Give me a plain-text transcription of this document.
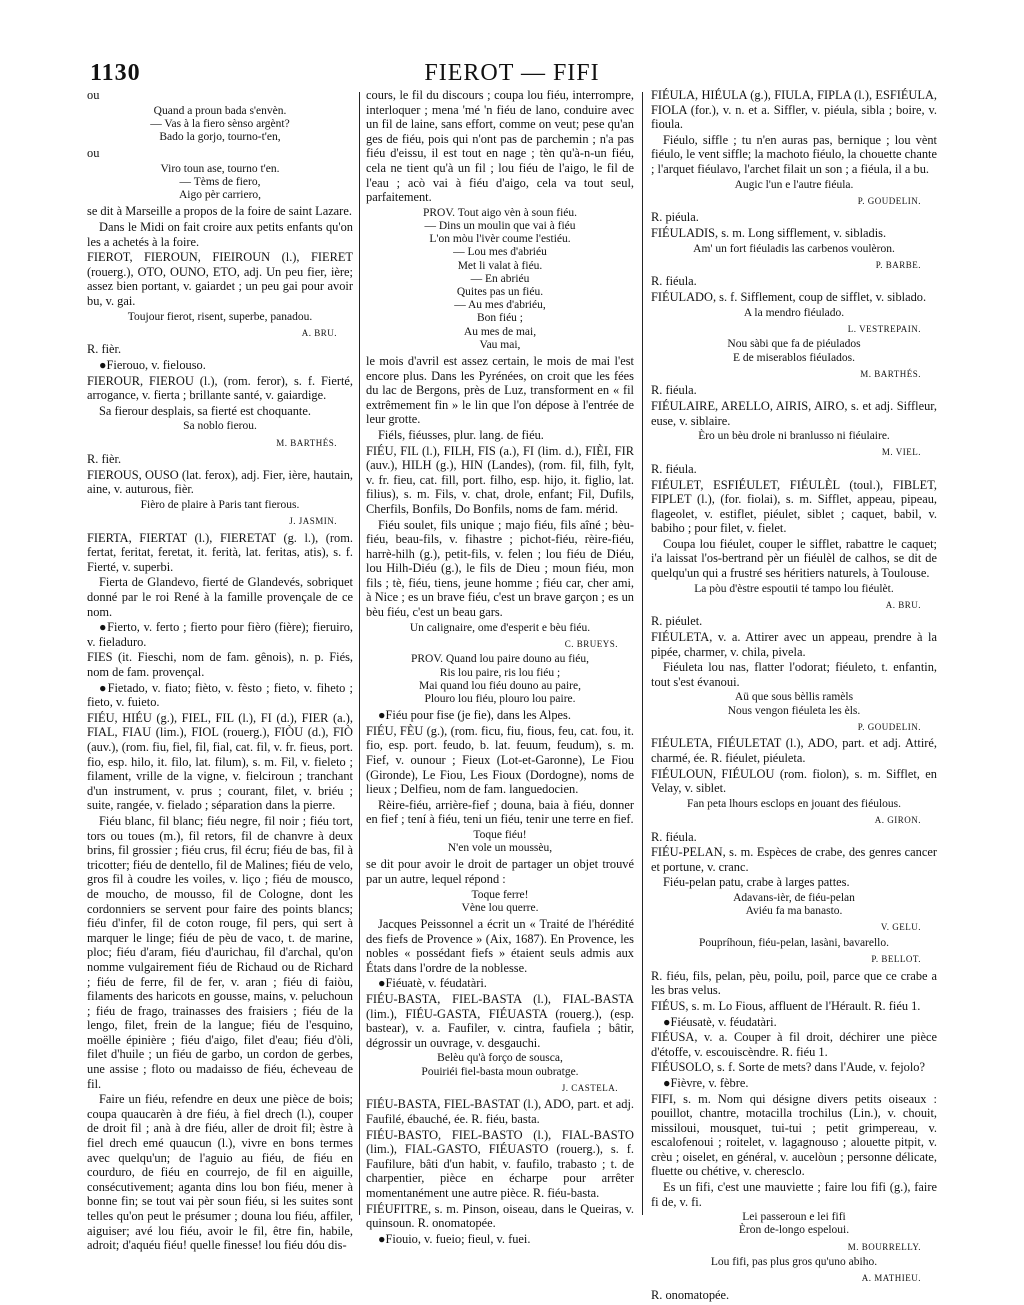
1130	FIEROT — FIFI
ou
Quand a proun bada s'envèn.
— Vas à la fiero sènso argènt?
Bado la gorjo, tourno-t'en,
ou
Viro toun ase, tourno t'en.
— Tèms de fiero,
Aigo pèr carriero,
se dit à Marseille a propos de la foire de saint Lazare.
Dans le Midi on fait croire aux petits enfants qu'on les a achetés à la foire.
FIEROT, FIEROUN, FIEIROUN (l.), FIERET (rouerg.), OTO, OUNO, ETO, adj. Un peu fier, ière; assez bien portant, v. gaiardet ; un peu gai pour avoir bu, v. gai.
Toujour fierot, risent, superbe, panadou.
A. BRU.
R. fièr.
●Fierouo, v. fielouso.
FIEROUR, FIEROU (l.), (rom. feror), s. f. Fierté, arrogance, v. fierta ; brillante santé, v. gaiardige.
Sa fierour desplais, sa fierté est choquante.
Sa noblo fierou.
M. BARTHÉS.
R. fièr.
FIEROUS, OUSO (lat. ferox), adj. Fier, ière, hautain, aine, v. auturous, fièr.
Fièro de plaire à Paris tant fierous.
J. JASMIN.
FIERTA, FIERTAT (l.), FIERETAT (g. l.), (rom. fertat, feritat, feretat, it. ferità, lat. feritas, atis), s. f. Fierté, v. superbi.
Fierta de Glandevo, fierté de Glandevés, sobriquet donné par le roi René à la famille provençale de ce nom.
●Fierto, v. ferto ; fierto pour fièro (fière); fieruiro, v. fieladuro.
FIES (it. Fieschi, nom de fam. gênois), n. p. Fiés, nom de fam. provençal.
●Fietado, v. fiato; fièto, v. fèsto ; fieto, v. fiheto ; fieto, v. fuieto.
FIÉU, HIÉU (g.), FIEL, FIL (l.), FI (d.), FIER (a.), FIAL, FIAU (lim.), FIOL (rouerg.), FIÒU (d.), FIÒ (auv.), (rom. fiu, fiel, fil, fial, cat. fil, v. fr. fieus, port. fio, esp. hilo, it. filo, lat. filum), s. m. Fil, v. fieleto ; filament, vrille de la vigne, v. fielciroun ; tranchant d'un instrument, v. prus ; courant, filet, v. briéu ; suite, rangée, v. fielado ; séparation dans la pierre.
Fiéu blanc, fil blanc; fiéu negre, fil noir ; fiéu tort, tors ou toues (m.), fil retors, fil de chanvre à deux brins, fil grossier ; fiéu crus, fil écru; fiéu de bas, fil à tricotter; fiéu de dentello, fil de Malines; fiéu de velo, gros fil à coudre les voiles, v. liço ; fiéu de mousco, de moucho, de mousso, fil de Cologne, dont les cordonniers se servent pour faire des points blancs; fiéu d'infer, fil de coton rouge, fil pers, qui sert à marquer le linge; fiéu de pèu de vaco, t. de marine, ploc; fiéu d'aram, fiéu d'aurichau, fil d'archal, qu'on nomme vulgairement fiéu de Richaud ou de Richard ; fiéu de ferre, fil de fer, v. aran ; fiéu di faiòu, filaments des haricots en gousse, mains, v. peluchoun ; fiéu de frago, trainasses des fraisiers ; fiéu de la lengo, filet, frein de la langue; fiéu de l'esquino, moëlle épinière ; fiéu d'aigo, filet d'eau; fiéu d'òli, filet d'huile ; un fiéu de garbo, un cordon de gerbes, une assise ; floto ou madaisso de fiéu, écheveau de fil.
Faire un fiéu, refendre en deux une pièce de bois; coupa quaucarèn à dre fiéu, à fiel drech (l.), couper de droit fil ; anà à dre fiéu, aller de droit fil; èstre à fiel drech emé quaucun (l.), vivre en bons termes avec quelqu'un; de l'aguio au fiéu, de fiéu en courduro, de fiéu en courrejo, de fil en aiguille, consécutivement; aganta dins lou bon fiéu, mener à bonne fin; se tout vai pèr soun fiéu, si les suites sont telles qu'on peut le présumer ; douna lou fiéu, affiler, aiguiser; avé lou fiéu, avoir le fil, être fin, habile, adroit; d'aquéu fiéu! quelle finesse! lou fiéu dóu dis-
cours, le fil du discours ; coupa lou fiéu, interrompre, interloquer ; mena 'mé 'n fiéu de lano, conduire avec un fil de laine, sans effort, comme on veut; pese qu'an ges de fiéu, pois qui n'ont pas de parchemin ; n'a pas fiéu d'eissu, il est tout en nage ; tèn qu'à-n-un fiéu, cela ne tient qu'à un fil ; lou fiéu de l'aigo, le fil de l'eau ; acò vai à fiéu d'aigo, cela va tout seul, parfaitement.
PROV. Tout aigo vèn à soun fiéu.
— Dins un moulin que vai à fiéu
L'on mòu l'ivèr coume l'estiéu.
— Lou mes d'abriéu
Met li valat à fiéu.
— En abriéu
Quites pas un fiéu.
— Au mes d'abriéu,
Bon fiéu ;
Au mes de mai,
Vau mai,
le mois d'avril est assez certain, le mois de mai l'est encore plus. Dans les Pyrénées, on croit que les fées du lac de Bergons, près de Luz, transforment en « fil extrêmement fin » le lin que l'on dépose à l'entrée de leur grotte.
Fiéls, fiéusses, plur. lang. de fiéu.
FIÉU, FIL (l.), FILH, FIS (a.), FI (lim. d.), FIÈI, FIR (auv.), HILH (g.), HIN (Landes), (rom. fil, filh, fylt, v. fr. fieu, cat. fill, port. filho, esp. hijo, it. figlio, lat. filius), s. m. Fils, v. chat, drole, enfant; Fil, Dufils, Cherfils, Bonfils, Do Bonfils, noms de fam. mérid.
Fiéu soulet, fils unique ; majo fiéu, fils aîné ; bèu-fiéu, beau-fils, v. fihastre ; pichot-fiéu, rèire-fiéu, harrè-hilh (g.), petit-fils, v. felen ; lou fiéu de Diéu, lou Hilh-Diéu (g.), le fils de Dieu ; moun fiéu, mon fils ; tè, fiéu, tiens, jeune homme ; fiéu car, cher ami, à Nice ; es un brave fiéu, c'est un brave garçon ; es un bèu fiéu, c'est un beau gars.
Un calignaire, ome d'esperit e bèu fiéu.
C. BRUEYS.
PROV. Quand lou paire douno au fiéu,
Ris lou paire, ris lou fiéu ;
Mai quand lou fiéu douno au paire,
Plouro lou fiéu, plouro lou paire.
●Fiéu pour fise (je fie), dans les Alpes.
FIÉU, FÈU (g.), (rom. ficu, fiu, fious, feu, cat. fou, it. fio, esp. port. feudo, b. lat. feuum, feudum), s. m. Fief, v. ounour ; Fieux (Lot-et-Garonne), Le Fiou (Gironde), Le Fiou, Les Fioux (Dordogne), noms de lieux ; Delfieu, nom de fam. languedocien.
Rèire-fiéu, arrière-fief ; douna, baia à fiéu, donner en fief ; tení à fiéu, teni un fiéu, tenir une terre en fief.
Toque fiéu!
N'en vole un moussèu,
se dit pour avoir le droit de partager un objet trouvé par un autre, lequel répond :
Toque ferre!
Vène lou querre.
Jacques Peissonnel a écrit un « Traité de l'hérédité des fiefs de Provence » (Aix, 1687). En Provence, les nobles « possédant fiefs » étaient seuls admis aux États dans l'ordre de la noblesse.
●Fiéuatè, v. féudatàri.
FIÉU-BASTA, FIEL-BASTA (l.), FIAL-BASTA (lim.), FIÉU-GASTA, FIÉUASTA (rouerg.), (esp. bastear), v. a. Faufiler, v. cintra, faufiela ; bâtir, dégrossir un ouvrage, v. desgauchi.
Belèu qu'à forço de sousca,
Pouiriéi fiel-basta moun oubratge.
J. CASTELA.
FIÉU-BASTA, FIEL-BASTAT (l.), ADO, part. et adj. Faufilé, ébauché, ée. R. fiéu, basta.
FIÉU-BASTO, FIEL-BASTO (l.), FIAL-BASTO (lim.), FIAL-GASTO, FIÉUASTO (rouerg.), s. f. Faufilure, bâti d'un habit, v. faufilo, trabasto ; t. de charpentier, pièce en écharpe pour arrêter momentanément une autre pièce. R. fiéu-basta.
FIÉUFITRE, s. m. Pinson, oiseau, dans le Queiras, v. quinsoun. R. onomatopée.
●Fiouio, v. fueio; fieul, v. fuei.
FIÉULA, HIÉULA (g.), FIULA, FIPLA (l.), ESFIÉULA, FIOLA (for.), v. n. et a. Siffler, v. piéula, sibla ; boire, v. fioula.
Fiéulo, siffle ; tu n'en auras pas, bernique ; lou vènt fiéulo, le vent siffle; la machoto fiéulo, la chouette chante ; l'arquet fiéulavo, l'archet filait un son ; a fiéula, il a bu.
Augic l'un e l'autre fiéula.
P. GOUDELIN.
R. piéula.
FIÉULADIS, s. m. Long sifflement, v. sibladis.
Am' un fort fiéuladis las carbenos voulèron.
P. BARBE.
R. fiéula.
FIÉULADO, s. f. Sifflement, coup de sifflet, v. siblado.
A la mendro fiéulado.
L. VESTREPAIN.
Nou sàbi que fa de piéulados
E de miserablos fiéuIados.
M. BARTHÉS.
R. fiéula.
FIÉULAIRE, ARELLO, AIRIS, AIRO, s. et adj. Siffleur, euse, v. siblaire.
Èro un bèu drole ni branlusso ni fiéulaire.
M. VIEL.
R. fiéula.
FIÉULET, ESFIÉULET, FIÉULÈL (toul.), FIBLET, FIPLET (l.), (for. fiolai), s. m. Sifflet, appeau, pipeau, flageolet, v. estiflet, piéulet, siblet ; caquet, babil, v. babiho ; pour filet, v. fielet.
Coupa lou fiéulet, couper le sifflet, rabattre le caquet; i'a laissat l'os-bertrand pèr un fiéulèl de calhos, se dit de quelqu'un qui a frustré ses héritiers naturels, à Toulouse.
La pòu d'èstre espoutii té tampo lou fiéulèt.
A. BRU.
R. piéulet.
FIÉULETA, v. a. Attirer avec un appeau, prendre à la pipée, charmer, v. chila, pivela.
Fiéuleta lou nas, flatter l'odorat; fiéuleto, t. enfantin, tout s'est évanoui.
Aü que sous bèllis ramèls
Nous vengon fiéuleta les èls.
P. GOUDELIN.
FIÉULETA, FIÉULETAT (l.), ADO, part. et adj. Attiré, charmé, ée. R. fiéulet, piéuleta.
FIÉULOUN, FIÉULOU (rom. fiolon), s. m. Sifflet, en Velay, v. siblet.
Fan peta lhours esclops en jouant des fiéulous.
A. GIRON.
R. fiéula.
FIÉU-PELAN, s. m. Espèces de crabe, des genres cancer et portune, v. cranc.
Fiéu-pelan patu, crabe à larges pattes.
Adavans-ièr, de fiéu-pelan
Aviéu fa ma banasto.
V. GELU.
Poupríhoun, fiéu-pelan, lasàni, bavarello.
P. BELLOT.
R. fiéu, fils, pelan, pèu, poilu, poil, parce que ce crabe a les bras velus.
FIÉUS, s. m. Lo Fious, affluent de l'Hérault. R. fiéu 1.
●Fiéusatè, v. féudatàri.
FIÉUSA, v. a. Couper à fil droit, déchirer une pièce d'étoffe, v. escouiscèndre. R. fiéu 1.
FIÉUSOLO, s. f. Sorte de mets? dans l'Aude, v. fejolo?
●Fièvre, v. fèbre.
FIFI, s. m. Nom qui désigne divers petits oiseaux : pouillot, chantre, motacilla trochilus (Lin.), v. chouit, missiloui, mousquet, tui-tui ; petit grimpereau, v. escalofenoui ; roitelet, v. lagagnouso ; alouette pitpit, v. crèu ; oiselet, en général, v. aucelòun ; personne délicate, fluette ou chétive, v. cheresclo.
Es un fifi, c'est une mauviette ; faire lou fifi (g.), faire fi de, v. fi.
Lei passeroun e lei fifi
Èron de-longo espeloui.
M. BOURRELLY.
Lou fifi, pas plus gros qu'uno abiho.
A. MATHIEU.
R. onomatopée.
